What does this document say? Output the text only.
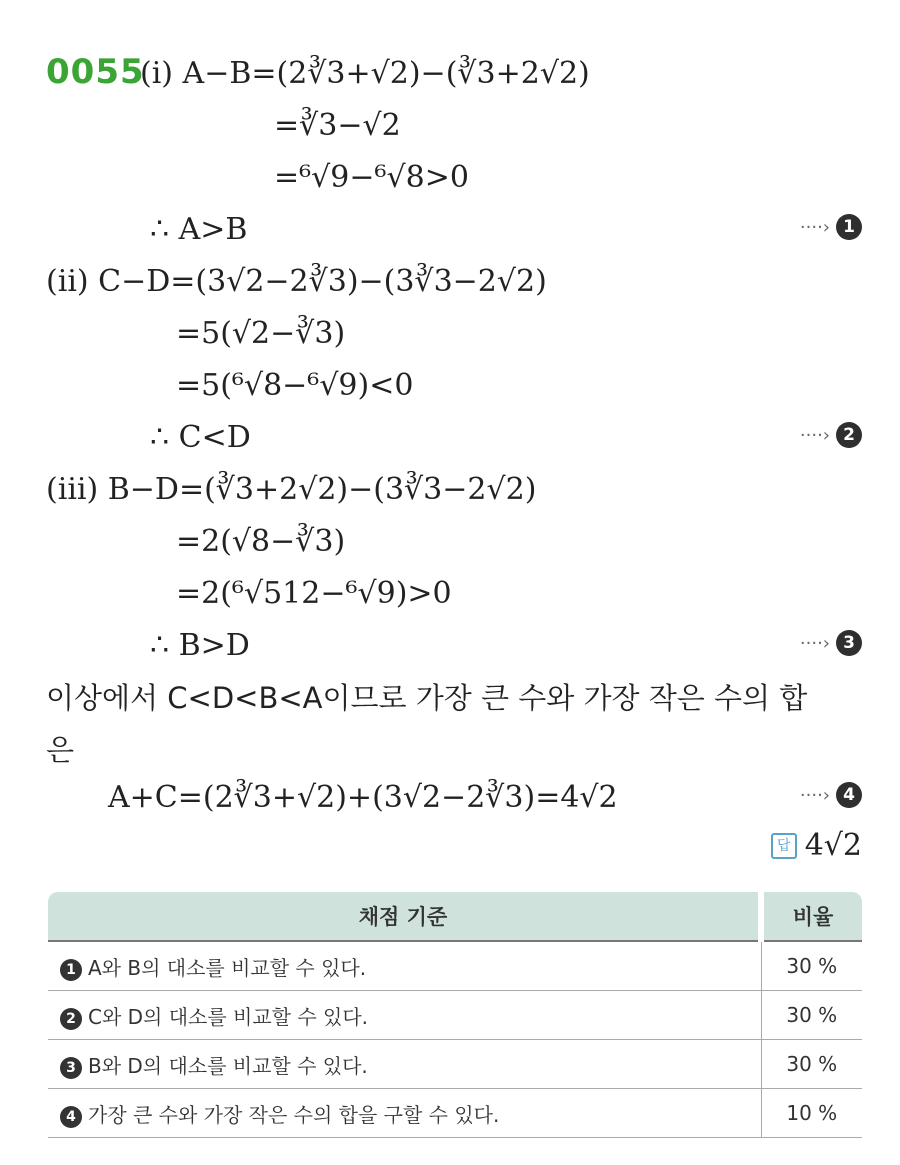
0055
(ⅰ) A−B=(2∛3+√2)−(∛3+2√2)
=∛3−√2
=⁶√9−⁶√8>0
∴ A>B
(ⅱ) C−D=(3√2−2∛3)−(3∛3−2√2)
=5(√2−∛3)
=5(⁶√8−⁶√9)<0
∴ C<D
(ⅲ) B−D=(∛3+2√2)−(3∛3−2√2)
=2(√8−∛3)
=2(⁶√512−⁶√9)>0
∴ B>D
이상에서 C<D<B<A이므로 가장 큰 수와 가장 작은 수의 합
은
A+C=(2∛3+√2)+(3√2−2∛3)=4√2
····› 1
····› 2
····› 3
····› 4
답 4√2
채점 기준	비율
1 A와 B의 대소를 비교할 수 있다.	30 %
2 C와 D의 대소를 비교할 수 있다.	30 %
3 B와 D의 대소를 비교할 수 있다.	30 %
4 가장 큰 수와 가장 작은 수의 합을 구할 수 있다.	10 %
